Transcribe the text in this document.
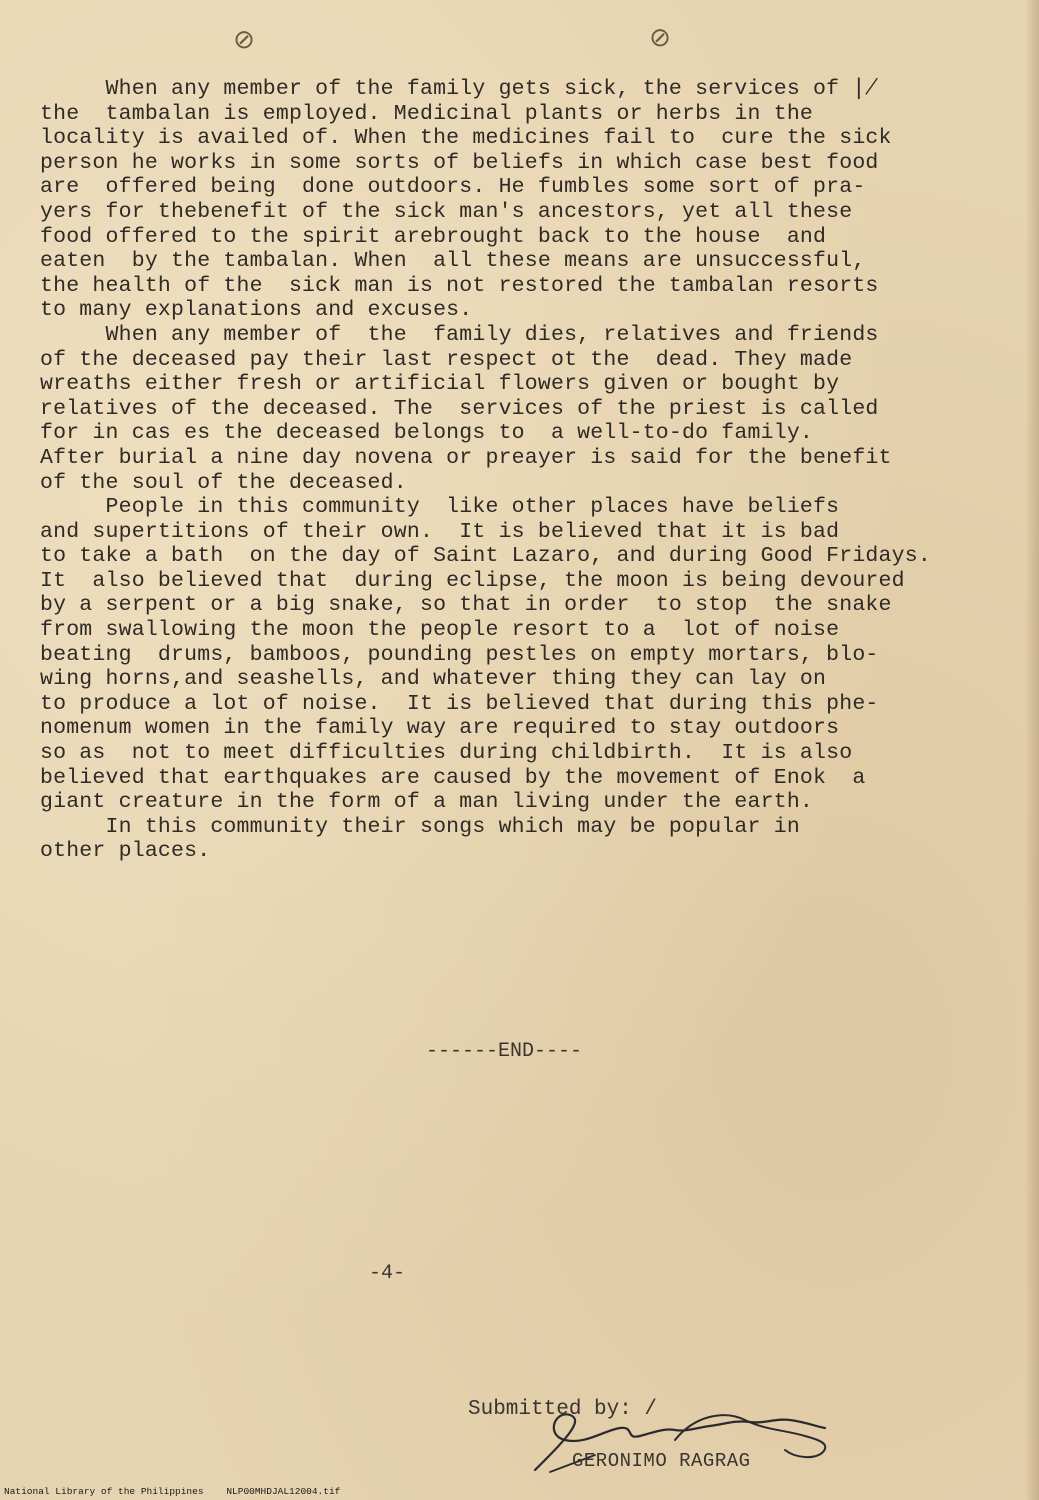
⊘	⊘
When any member of the family gets sick, the services of ∤
the  tambalan is employed. Medicinal plants or herbs in the
locality is availed of. When the medicines fail to  cure the sick
person he works in some sorts of beliefs in which case best food
are  offered being  done outdoors. He fumbles some sort of pra-
yers for thebenefit of the sick man's ancestors, yet all these
food offered to the spirit arebrought back to the house  and
eaten  by the tambalan. When  all these means are unsuccessful,
the health of the  sick man is not restored the tambalan resorts
to many explanations and excuses.
When any member of  the  family dies, relatives and friends
of the deceased pay their last respect ot the  dead. They made
wreaths either fresh or artificial flowers given or bought by
relatives of the deceased. The  services of the priest is called
for in cas es the deceased belongs to  a well-to-do family.
After burial a nine day novena or preayer is said for the benefit
of the soul of the deceased.
People in this community  like other places have beliefs
and supertitions of their own.  It is believed that it is bad
to take a bath  on the day of Saint Lazaro, and during Good Fridays.
It  also believed that  during eclipse, the moon is being devoured
by a serpent or a big snake, so that in order  to stop  the snake
from swallowing the moon the people resort to a  lot of noise
beating  drums, bamboos, pounding pestles on empty mortars, blo-
wing horns,and seashells, and whatever thing they can lay on
to produce a lot of noise.  It is believed that during this phe-
nomenum women in the family way are required to stay outdoors
so as  not to meet difficulties during childbirth.  It is also
believed that earthquakes are caused by the movement of Enok  a
giant creature in the form of a man living under the earth.
In this community their songs which may be popular in
other places.
------END----
-4-
Submitted by: /
GERONIMO RAGRAG
National Library of the Philippines    NLP00MHDJAL12004.tif
